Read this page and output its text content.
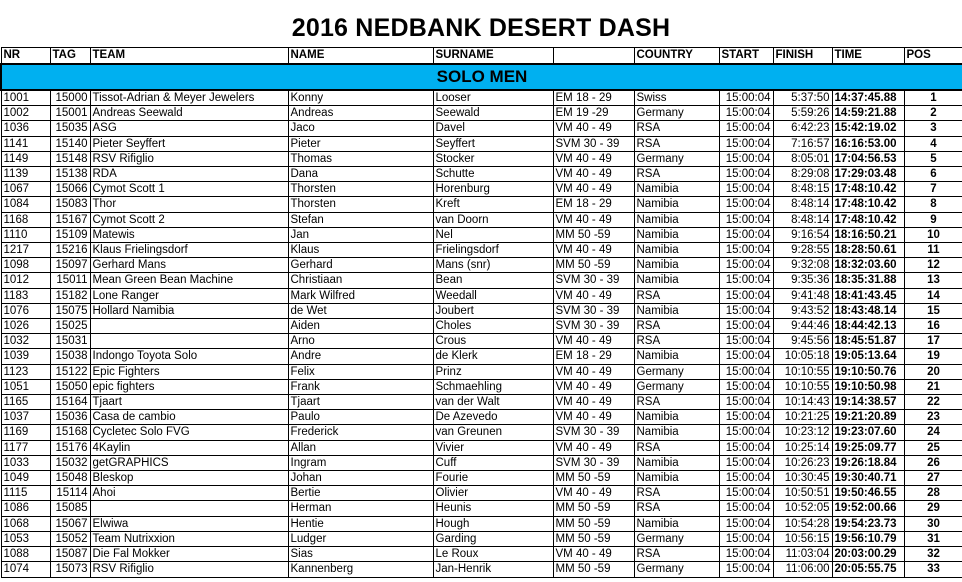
2016 NEDBANK DESERT DASH
NR	TAG	TEAM	NAME	SURNAME		COUNTRY	START	FINISH	TIME	POS
SOLO MEN										
1001	15000	Tissot-Adrian & Meyer Jewelers	Konny	Looser	EM 18 - 29	Swiss	15:00:04	5:37:50	14:37:45.88	1
1002	15001	Andreas Seewald	Andreas	Seewald	EM 19 -29	Germany	15:00:04	5:59:26	14:59:21.88	2
1036	15035	ASG	Jaco	Davel	VM 40 - 49	RSA	15:00:04	6:42:23	15:42:19.02	3
1141	15140	Pieter Seyffert	Pieter	Seyffert	SVM 30 - 39	RSA	15:00:04	7:16:57	16:16:53.00	4
1149	15148	RSV Rifiglio	Thomas	Stocker	VM 40 - 49	Germany	15:00:04	8:05:01	17:04:56.53	5
1139	15138	RDA	Dana	Schutte	VM 40 - 49	RSA	15:00:04	8:29:08	17:29:03.48	6
1067	15066	Cymot Scott 1	Thorsten	Horenburg	VM 40 - 49	Namibia	15:00:04	8:48:15	17:48:10.42	7
1084	15083	Thor	Thorsten	Kreft	EM 18 - 29	Namibia	15:00:04	8:48:14	17:48:10.42	8
1168	15167	Cymot Scott 2	Stefan	van Doorn	VM 40 - 49	Namibia	15:00:04	8:48:14	17:48:10.42	9
1110	15109	Matewis	Jan	Nel	MM 50 -59	Namibia	15:00:04	9:16:54	18:16:50.21	10
1217	15216	Klaus Frielingsdorf	Klaus	Frielingsdorf	VM 40 - 49	Namibia	15:00:04	9:28:55	18:28:50.61	11
1098	15097	Gerhard Mans	Gerhard	Mans (snr)	MM 50 -59	Namibia	15:00:04	9:32:08	18:32:03.60	12
1012	15011	Mean Green Bean Machine	Christiaan	Bean	SVM 30 - 39	Namibia	15:00:04	9:35:36	18:35:31.88	13
1183	15182	Lone Ranger	Mark Wilfred	Weedall	VM 40 - 49	RSA	15:00:04	9:41:48	18:41:43.45	14
1076	15075	Hollard Namibia	de Wet	Joubert	SVM 30 - 39	Namibia	15:00:04	9:43:52	18:43:48.14	15
1026	15025		Aiden	Choles	SVM 30 - 39	RSA	15:00:04	9:44:46	18:44:42.13	16
1032	15031		Arno	Crous	VM 40 - 49	RSA	15:00:04	9:45:56	18:45:51.87	17
1039	15038	Indongo Toyota Solo	Andre	de Klerk	EM 18 - 29	Namibia	15:00:04	10:05:18	19:05:13.64	19
1123	15122	Epic Fighters	Felix	Prinz	VM 40 - 49	Germany	15:00:04	10:10:55	19:10:50.76	20
1051	15050	epic fighters	Frank	Schmaehling	VM 40 - 49	Germany	15:00:04	10:10:55	19:10:50.98	21
1165	15164	Tjaart	Tjaart	van der Walt	VM 40 - 49	RSA	15:00:04	10:14:43	19:14:38.57	22
1037	15036	Casa de cambio	Paulo	De Azevedo	VM 40 - 49	Namibia	15:00:04	10:21:25	19:21:20.89	23
1169	15168	Cycletec Solo FVG	Frederick	van Greunen	SVM 30 - 39	Namibia	15:00:04	10:23:12	19:23:07.60	24
1177	15176	4Kaylin	Allan	Vivier	VM 40 - 49	RSA	15:00:04	10:25:14	19:25:09.77	25
1033	15032	getGRAPHICS	Ingram	Cuff	SVM 30 - 39	Namibia	15:00:04	10:26:23	19:26:18.84	26
1049	15048	Bleskop	Johan	Fourie	MM 50 -59	Namibia	15:00:04	10:30:45	19:30:40.71	27
1115	15114	Ahoi	Bertie	Olivier	VM 40 - 49	RSA	15:00:04	10:50:51	19:50:46.55	28
1086	15085		Herman	Heunis	MM 50 -59	RSA	15:00:04	10:52:05	19:52:00.66	29
1068	15067	Elwiwa	Hentie	Hough	MM 50 -59	Namibia	15:00:04	10:54:28	19:54:23.73	30
1053	15052	Team Nutrixxion	Ludger	Garding	MM 50 -59	Germany	15:00:04	10:56:15	19:56:10.79	31
1088	15087	Die Fal Mokker	Sias	Le Roux	VM 40 - 49	RSA	15:00:04	11:03:04	20:03:00.29	32
1074	15073	RSV Rifiglio	Kannenberg	Jan-Henrik	MM 50 -59	Germany	15:00:04	11:06:00	20:05:55.75	33
